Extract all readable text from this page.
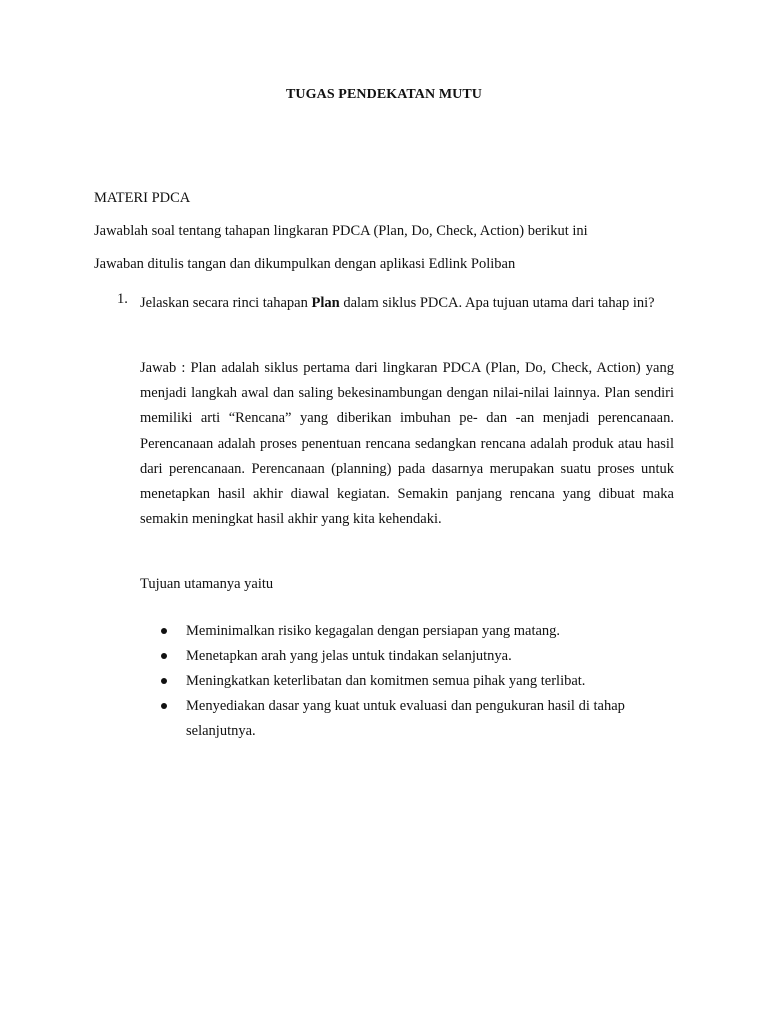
TUGAS PENDEKATAN MUTU
MATERI PDCA
Jawablah soal tentang tahapan lingkaran PDCA (Plan, Do, Check, Action) berikut ini
Jawaban ditulis tangan dan dikumpulkan dengan aplikasi Edlink Poliban
1. Jelaskan secara rinci tahapan Plan dalam siklus PDCA. Apa tujuan utama dari tahap ini?
Jawab : Plan adalah siklus pertama dari lingkaran PDCA (Plan, Do, Check, Action) yang menjadi langkah awal dan saling bekesinambungan dengan nilai-nilai lainnya. Plan sendiri memiliki arti “Rencana” yang diberikan imbuhan pe- dan -an menjadi perencanaan. Perencanaan adalah proses penentuan rencana sedangkan rencana adalah produk atau hasil dari perencanaan. Perencanaan (planning) pada dasarnya merupakan suatu proses untuk menetapkan hasil akhir diawal kegiatan. Semakin panjang rencana yang dibuat maka semakin meningkat hasil akhir yang kita kehendaki.
Tujuan utamanya yaitu
Meminimalkan risiko kegagalan dengan persiapan yang matang.
Menetapkan arah yang jelas untuk tindakan selanjutnya.
Meningkatkan keterlibatan dan komitmen semua pihak yang terlibat.
Menyediakan dasar yang kuat untuk evaluasi dan pengukuran hasil di tahap selanjutnya.
